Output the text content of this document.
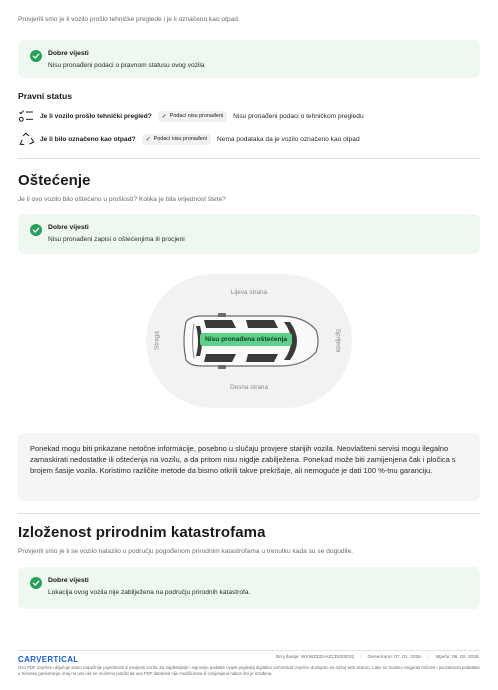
Provjerili smo je li vozilo prošlo tehničke preglede i je li označeno kao otpad.
Dobre vijesti
Nisu pronađeni podaci o pravnom statusu ovog vozila
Pravni status
Je li vozilo prošlo tehnički pregled? ✓ Podaci nisu pronađeni Nisu pronađeni podaci o tehničkom pregledu
Je li bilo označeno kao otpad? ✓ Podaci nisu pronađeni Nema podataka da je vozilo označeno kao otpad
Oštećenje
Je li ovo vozilo bilo oštećeno u prošlosti? Kolika je bila vrijednost štete?
Dobre vijesti
Nisu pronađeni zapisi o oštećenjima ili procjeni
Lijeva strana
Desna strana
Straga	Sprijeda
Nisu pronađena oštećenja

Ponekad mogu biti prikazane netočne informacije, posebno u slučaju provjere starijih vozila. Neovlašteni servisi mogu ilegalno zamaskirati nedostatke ili oštećenja na vozilu, a da pritom nisu nigdje zabilježena. Ponekad može biti zamijenjena čak i pločica s brojem šasije vozila. Koristimo različite metode da bismo otkrili takve prekršaje, ali nemoguće je dati 100 %-tnu garanciju.

Izloženost prirodnim katastrofama
Provjerili smo je li se vozilo nalazilo u području pogođenom prirodnim katastrofama u trenutku kada su se dogodile.
Dobre vijesti
Lokacija ovog vozila nije zabilježena na području prirodnih katastrofa.
CARVERTICAL	Broj šasije: WVWZZZAAZCD003032 | Generirano: 07. 01. 2026. | Istječe: 06. 02. 2026.
Ovo PDF izvješće uključuje samo najvažnije pojedinosti iz povijesti vozila. Za najdetaljnije i najnovije podatke uvijek pogledaj digitalno carVertical izvješće dostupno na našoj web stranici. Lako se trudimo osigurati točnost i pouzdanost podataka u trenutku generiranja, imaj na umu da ne možemo jamčiti da ova PDF datoteka nije modificirana ili izmijenjena nakon što je izrađena.
